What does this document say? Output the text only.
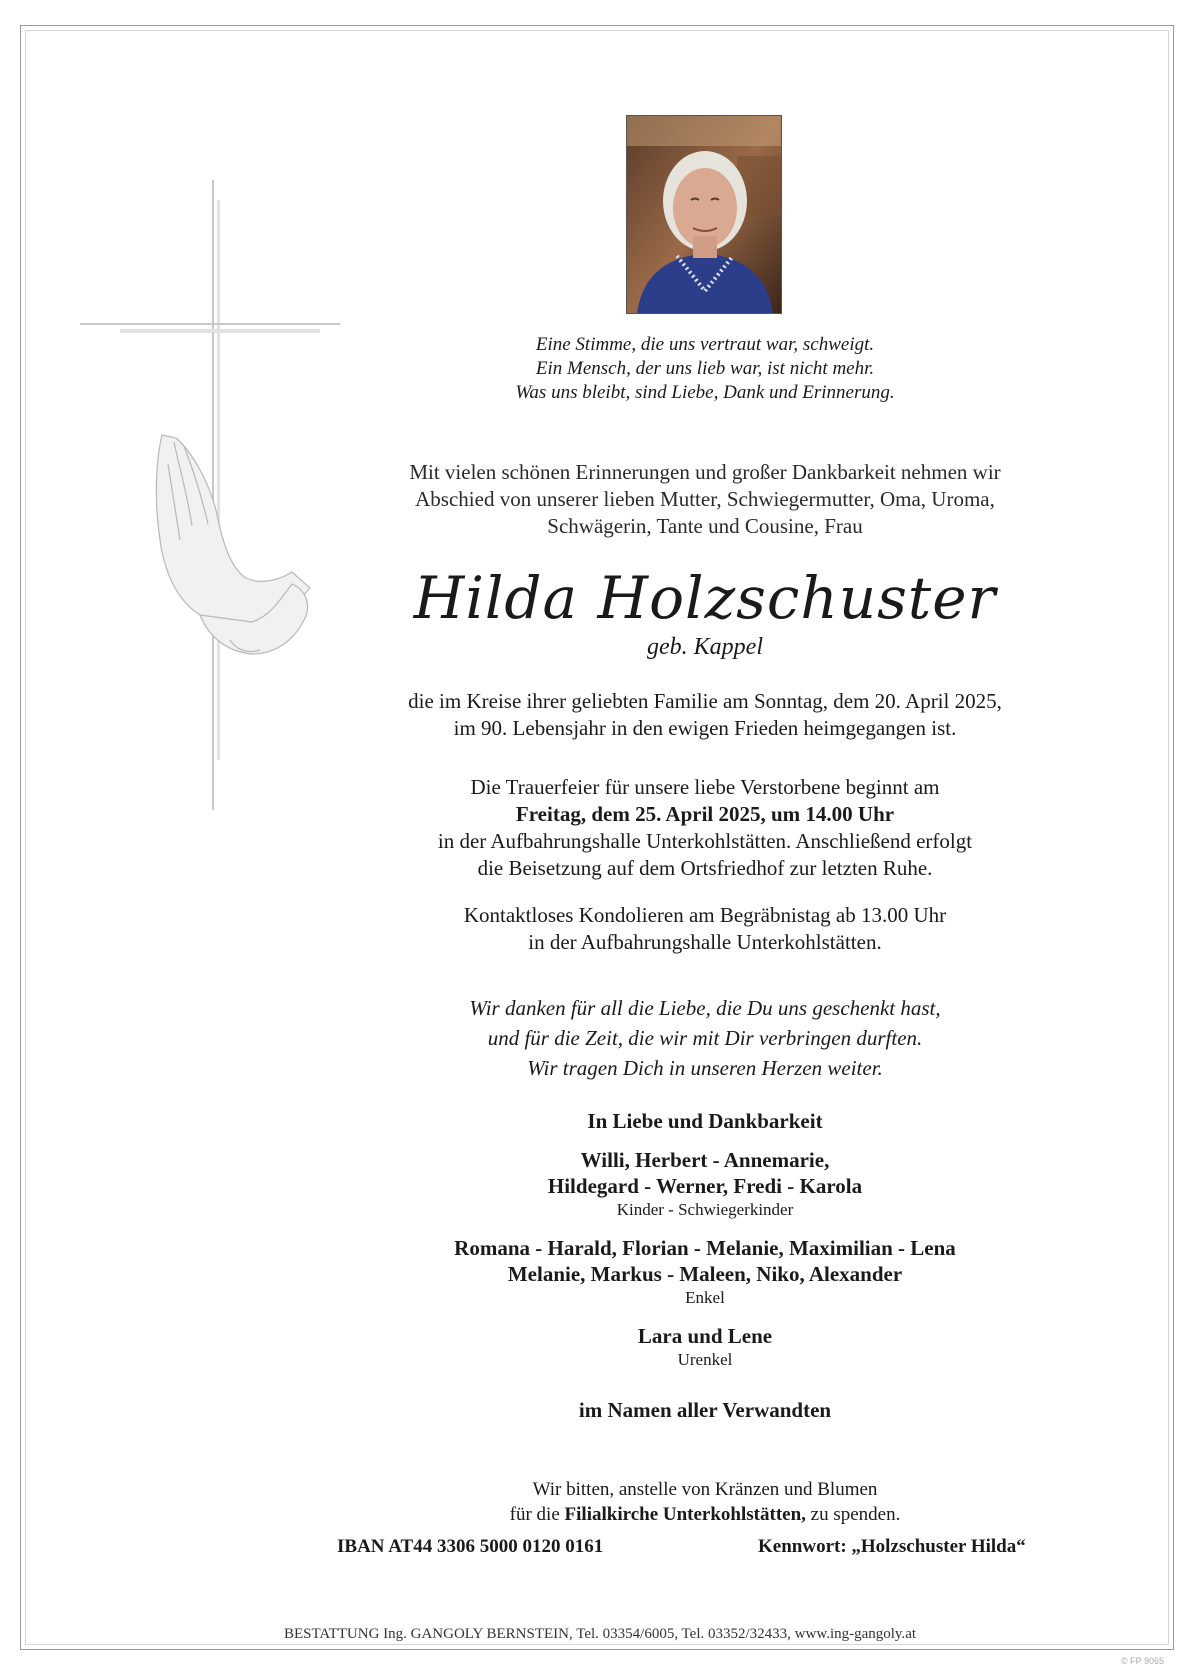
Eine Stimme, die uns vertraut war, schweigt.
Ein Mensch, der uns lieb war, ist nicht mehr.
Was uns bleibt, sind Liebe, Dank und Erinnerung.
Mit vielen schönen Erinnerungen und großer Dankbarkeit nehmen wir
Abschied von unserer lieben Mutter, Schwiegermutter, Oma, Uroma,
Schwägerin, Tante und Cousine, Frau
Hilda Holzschuster
geb. Kappel
die im Kreise ihrer geliebten Familie am Sonntag, dem 20. April 2025,
im 90. Lebensjahr in den ewigen Frieden heimgegangen ist.
Die Trauerfeier für unsere liebe Verstorbene beginnt am
Freitag, dem 25. April 2025, um 14.00 Uhr
in der Aufbahrungshalle Unterkohlstätten. Anschließend erfolgt
die Beisetzung auf dem Ortsfriedhof zur letzten Ruhe.
Kontaktloses Kondolieren am Begräbnistag ab 13.00 Uhr
in der Aufbahrungshalle Unterkohlstätten.
Wir danken für all die Liebe, die Du uns geschenkt hast,
und für die Zeit, die wir mit Dir verbringen durften.
Wir tragen Dich in unseren Herzen weiter.
In Liebe und Dankbarkeit
Willi, Herbert - Annemarie,
Hildegard - Werner, Fredi - Karola
Kinder - Schwiegerkinder
Romana - Harald, Florian - Melanie, Maximilian - Lena
Melanie, Markus - Maleen, Niko, Alexander
Enkel
Lara und Lene
Urenkel
im Namen aller Verwandten
Wir bitten, anstelle von Kränzen und Blumen
für die Filialkirche Unterkohlstätten, zu spenden.
IBAN AT44 3306 5000 0120 0161	Kennwort: „Holzschuster Hilda“
BESTATTUNG Ing. GANGOLY BERNSTEIN, Tel. 03354/6005, Tel. 03352/32433, www.ing-gangoly.at
© FP 9065
